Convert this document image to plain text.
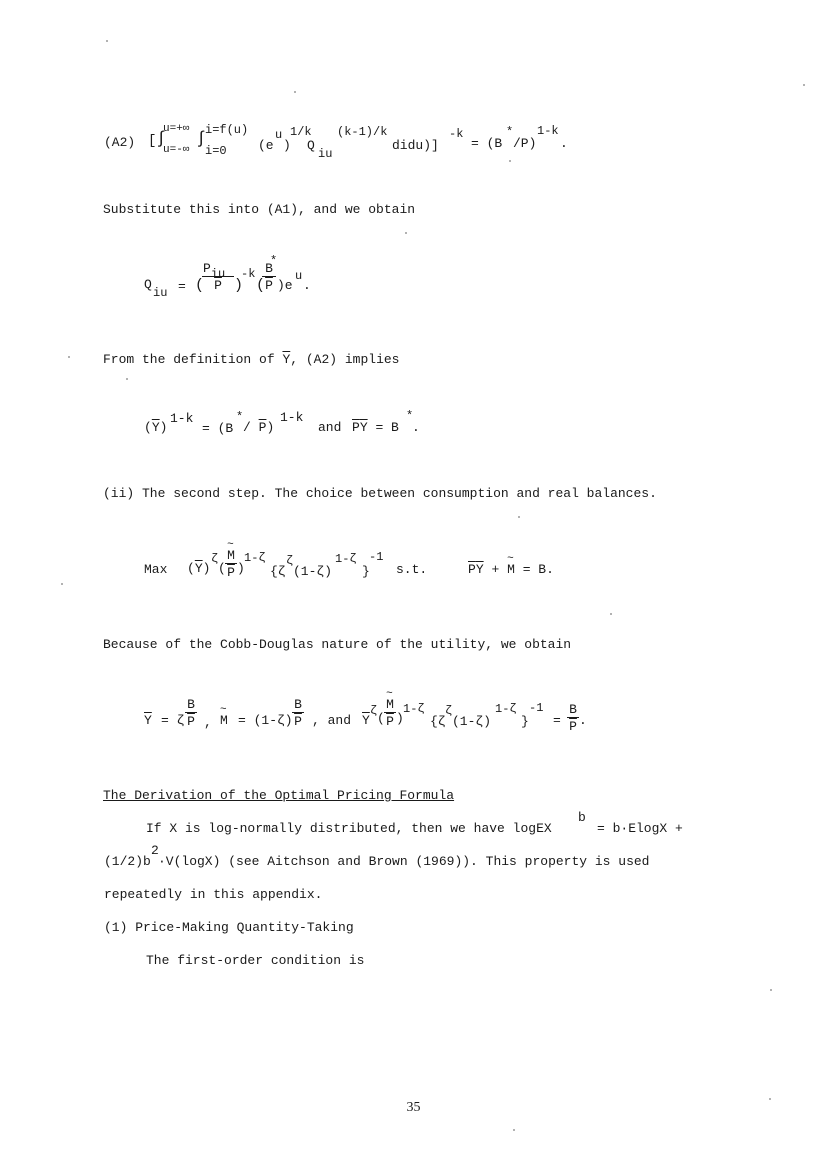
(A2) [ ∫
u=+∞
u=-∞
∫
i=f(u)
i=0 (e
u
)
1/k
Q
iu
(k-1)/k
didu)]
-k
= (B
*
/P)
1-k
.

Substitute this into (A1), and we obtain

Q
iu = (
Piu
$\overline{P}$ )
-k
(
$\frac{B}{P}$
*
)e
u
.

From the definition of $\overline{Y}$, (A2) implies

$(\overline{Y})$
1-k
= (B
*
/ $\overline{P}$)
1-k
and $\overline{P}\overline{Y} = B$
*
.

(ii) The second step. The choice between consumption and real balances.

Max $(\overline{Y})$
ζ
( ~ $\frac{M}{P}$ )
1-ζ
{ζ
ζ
(1-ζ)
1-ζ
}
-1
s.t.	$\overline{P}\overline{Y}$ + ~ M = B.

Because of the Cobb-Douglas nature of the utility, we obtain

$\overline{Y} = \zeta \frac{B}{P}$ , ~ $M = (1-\zeta) \frac{B}{P}$ , and $\overline{Y}$
ζ ( ~ $\frac{M}{P}$ )
1-ζ
{ζ
ζ
(1-ζ)
1-ζ
}
-1
= $\frac{B}{P}$ .
The Derivation of the Optimal Pricing Formula
If X is log-normally distributed, then we have logEX
b
= b·ElogX +
(1/2)b
2
·V(logX) (see Aitchson and Brown (1969)). This property is used
repeatedly in this appendix.

(1) Price-Making Quantity-Taking

The first-order condition is

35
